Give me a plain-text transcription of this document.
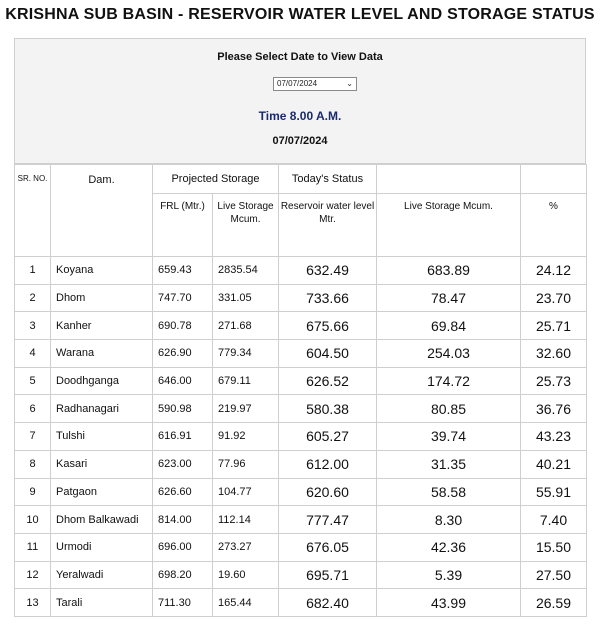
KRISHNA SUB BASIN - RESERVOIR WATER LEVEL AND STORAGE STATUS
Please Select Date to View Data
07/07/2024	⌄
Time 8.00 A.M.
07/07/2024
SR. NO.	Dam.	Projected Storage		Today's Status		
		FRL (Mtr.)	Live Storage Mcum.	Reservoir water level Mtr.	Live Storage Mcum.	%
1	Koyana	659.43	2835.54	632.49	683.89	24.12
2	Dhom	747.70	331.05	733.66	78.47	23.70
3	Kanher	690.78	271.68	675.66	69.84	25.71
4	Warana	626.90	779.34	604.50	254.03	32.60
5	Doodhganga	646.00	679.11	626.52	174.72	25.73
6	Radhanagari	590.98	219.97	580.38	80.85	36.76
7	Tulshi	616.91	91.92	605.27	39.74	43.23
8	Kasari	623.00	77.96	612.00	31.35	40.21
9	Patgaon	626.60	104.77	620.60	58.58	55.91
10	Dhom Balkawadi	814.00	112.14	777.47	8.30	7.40
11	Urmodi	696.00	273.27	676.05	42.36	15.50
12	Yeralwadi	698.20	19.60	695.71	5.39	27.50
13	Tarali	711.30	165.44	682.40	43.99	26.59
